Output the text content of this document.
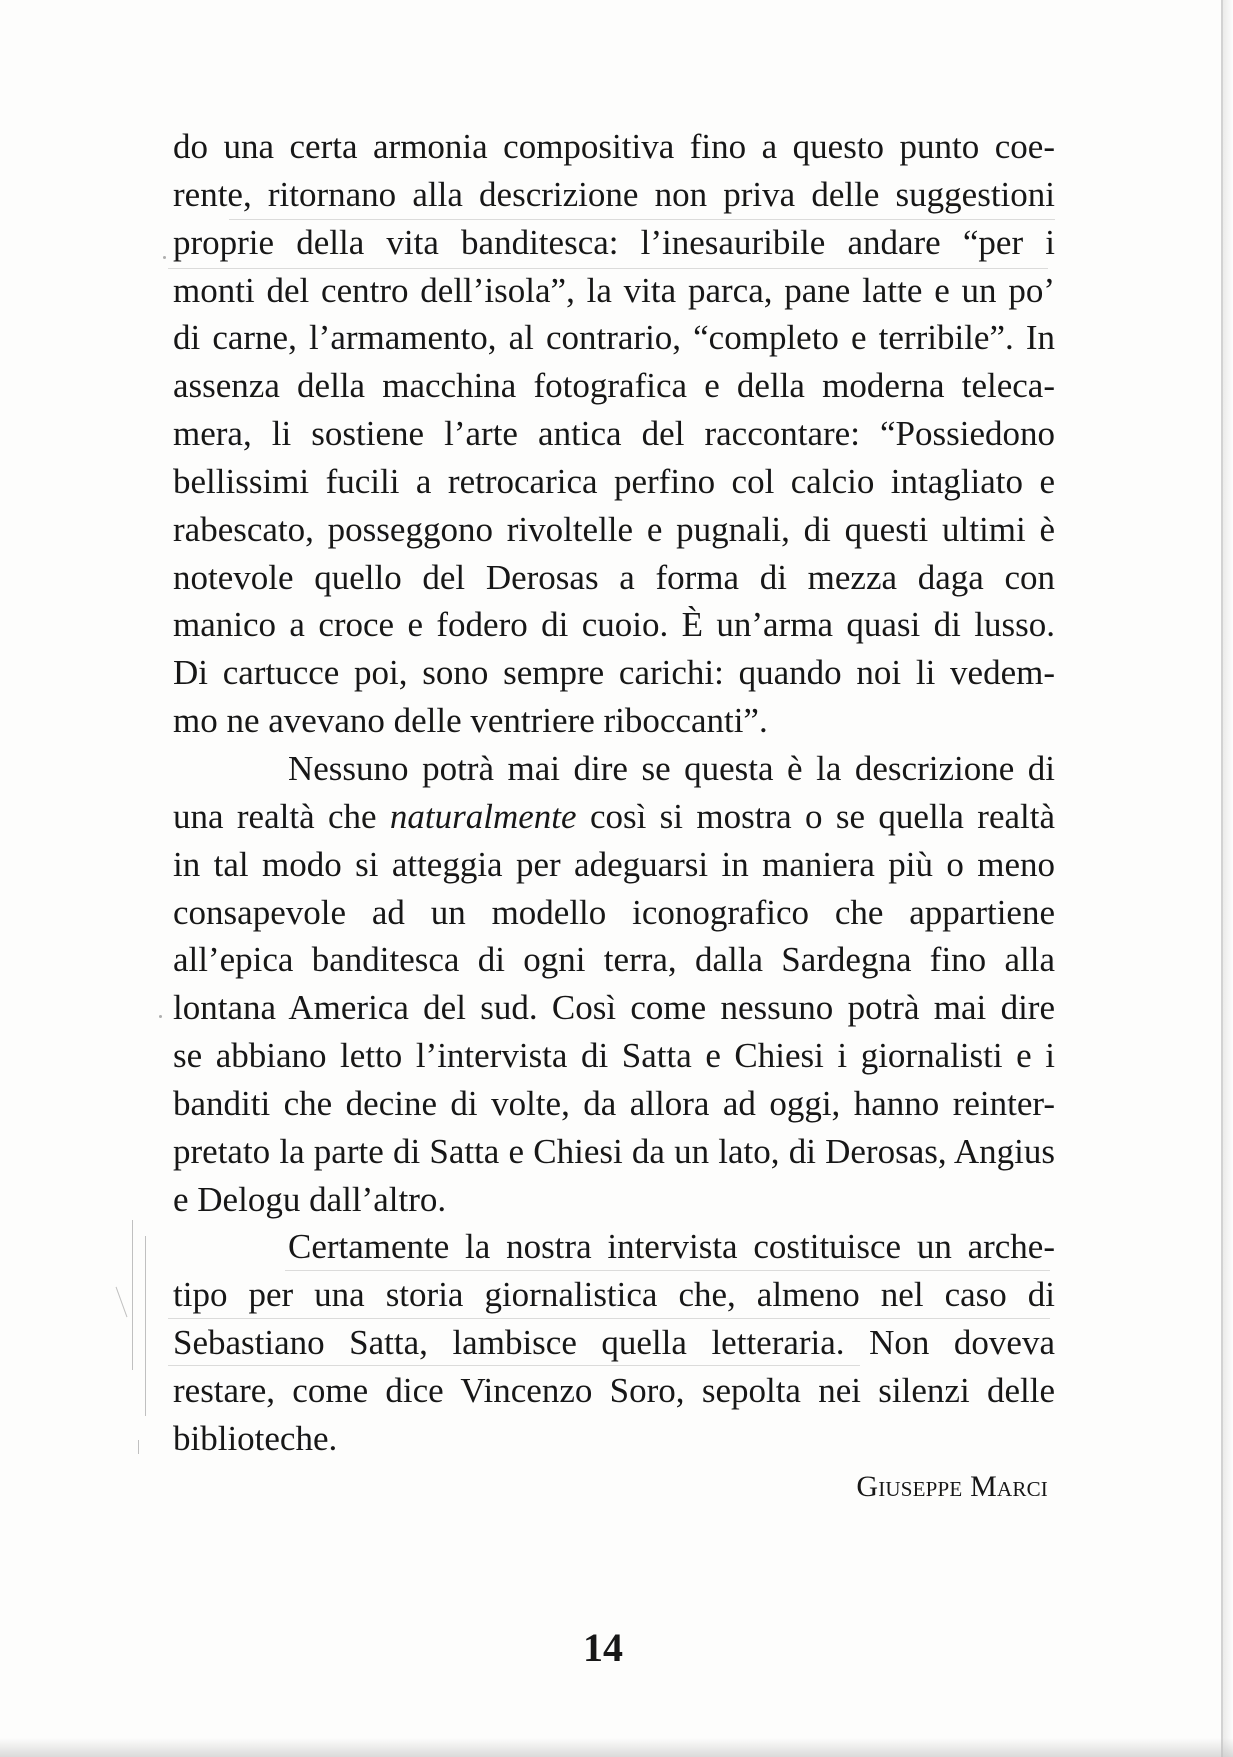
do una certa armonia compositiva fino a questo punto coe-
rente, ritornano alla descrizione non priva delle suggestioni
proprie della vita banditesca: l’inesauribile andare “per i
monti del centro dell’isola”, la vita parca, pane latte e un po’
di carne, l’armamento, al contrario, “completo e terribile”. In
assenza della macchina fotografica e della moderna teleca-
mera, li sostiene l’arte antica del raccontare: “Possiedono
bellissimi fucili a retrocarica perfino col calcio intagliato e
rabescato, posseggono rivoltelle e pugnali, di questi ultimi è
notevole quello del Derosas a forma di mezza daga con
manico a croce e fodero di cuoio. È un’arma quasi di lusso.
Di cartucce poi, sono sempre carichi: quando noi li vedem-
mo ne avevano delle ventriere riboccanti”.
Nessuno potrà mai dire se questa è la descrizione di
una realtà che naturalmente così si mostra o se quella realtà
in tal modo si atteggia per adeguarsi in maniera più o meno
consapevole ad un modello iconografico che appartiene
all’epica banditesca di ogni terra, dalla Sardegna fino alla
lontana America del sud. Così come nessuno potrà mai dire
se abbiano letto l’intervista di Satta e Chiesi i giornalisti e i
banditi che decine di volte, da allora ad oggi, hanno reinter-
pretato la parte di Satta e Chiesi da un lato, di Derosas, Angius
e Delogu dall’altro.
Certamente la nostra intervista costituisce un arche-
tipo per una storia giornalistica che, almeno nel caso di
Sebastiano Satta, lambisce quella letteraria. Non doveva
restare, come dice Vincenzo Soro, sepolta nei silenzi delle
biblioteche.
Giuseppe Marci
14
